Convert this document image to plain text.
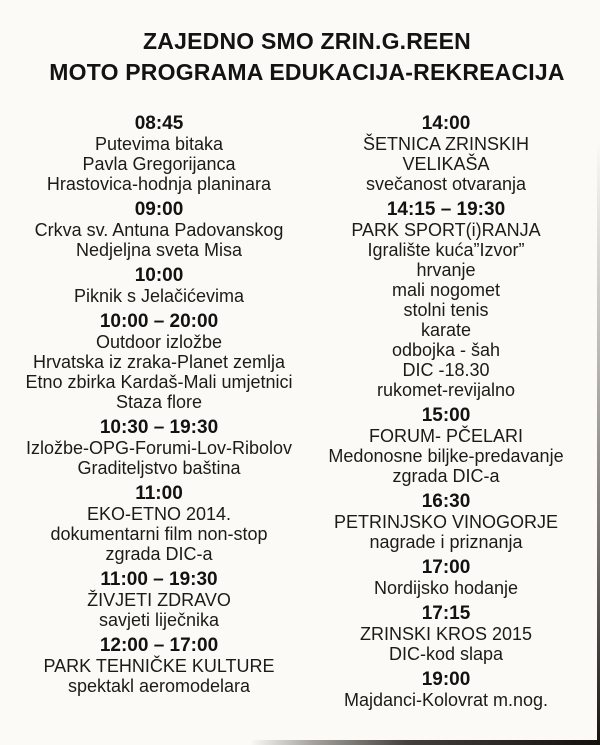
ZAJEDNO SMO ZRIN.G.REEN
MOTO PROGRAMA EDUKACIJA-REKREACIJA
08:45
Putevima bitaka
Pavla Gregorijanca
Hrastovica-hodnja planinara
09:00
Crkva sv. Antuna Padovanskog
Nedjeljna sveta Misa
10:00
Piknik s Jelačićevima
10:00 – 20:00
Outdoor izložbe
Hrvatska iz zraka-Planet zemlja
Etno zbirka Kardaš-Mali umjetnici
Staza flore
10:30 – 19:30
Izložbe-OPG-Forumi-Lov-Ribolov
Graditeljstvo baština
11:00
EKO-ETNO 2014.
dokumentarni film non-stop
zgrada DIC-a
11:00 – 19:30
ŽIVJETI ZDRAVO
savjeti liječnika
12:00 – 17:00
PARK TEHNIČKE KULTURE
spektakl aeromodelara
14:00
ŠETNICA ZRINSKIH VELIKAŠA
svečanost otvaranja
14:15 – 19:30
PARK SPORT(i)RANJA
Igralište kuća”Izvor”
hrvanje
mali nogomet
stolni tenis
karate
odbojka - šah
DIC -18.30
rukomet-revijalno
15:00
FORUM- PČELARI
Medonosne biljke-predavanje
zgrada DIC-a
16:30
PETRINJSKO VINOGORJE
nagrade i priznanja
17:00
Nordijsko hodanje
17:15
ZRINSKI KROS 2015
DIC-kod slapa
19:00
Majdanci-Kolovrat m.nog.
